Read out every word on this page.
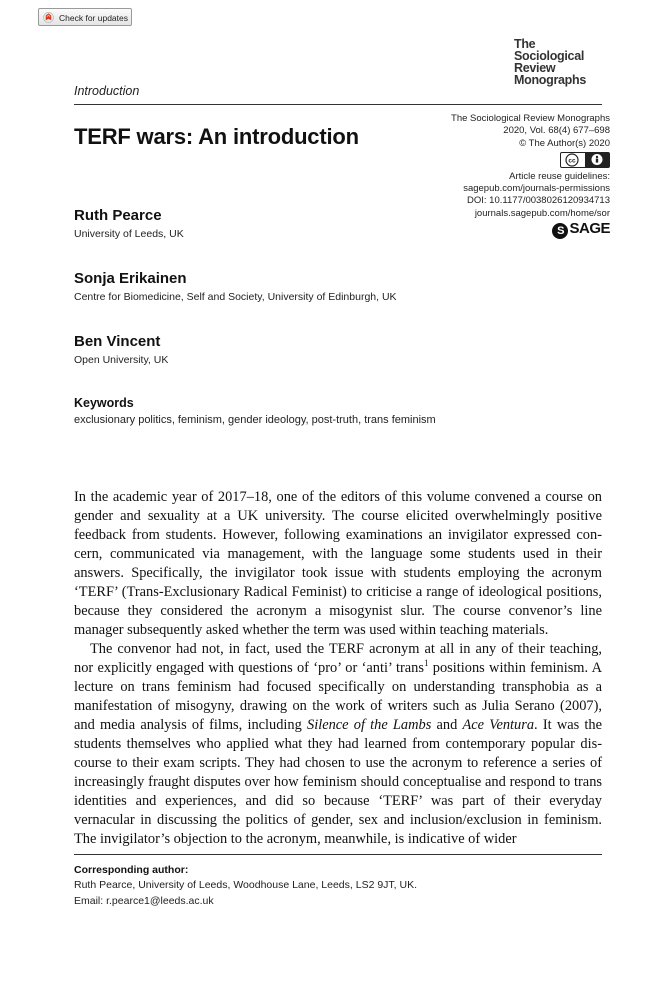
Check for updates
The
Sociological
Review
Monographs
Introduction
TERF wars: An introduction
The Sociological Review Monographs
2020, Vol. 68(4) 677–698
© The Author(s) 2020
cc
Article reuse guidelines:
sagepub.com/journals-permissions
DOI: 10.1177/0038026120934713
journals.sagepub.com/home/sor
S SAGE
Ruth Pearce
University of Leeds, UK
Sonja Erikainen
Centre for Biomedicine, Self and Society, University of Edinburgh, UK
Ben Vincent
Open University, UK
Keywords
exclusionary politics, feminism, gender ideology, post-truth, trans feminism

In the academic year of 2017–18, one of the editors of this volume convened a course on gender and sexuality at a UK university. The course elicited overwhelmingly positive feedback from students. However, following examinations an invigilator expressed concern, communicated via management, with the language some students used in their answers. Specifically, the invigilator took issue with students employing the acronym ‘TERF’ (Trans-Exclusionary Radical Feminist) to criticise a range of ideological positions, because they considered the acronym a misogynist slur. The course convenor’s line manager subsequently asked whether the term was used within teaching materials.

The convenor had not, in fact, used the TERF acronym at all in any of their teaching, nor explicitly engaged with questions of ‘pro’ or ‘anti’ trans$^1$ positions within feminism. A lecture on trans feminism had focused specifically on understanding transphobia as a manifestation of misogyny, drawing on the work of writers such as Julia Serano (2007), and media analysis of films, including Silence of the Lambs and Ace Ventura. It was the students themselves who applied what they had learned from contemporary popular discourse to their exam scripts. They had chosen to use the acronym to reference a series of increasingly fraught disputes over how feminism should conceptualise and respond to trans identities and experiences, and did so because ‘TERF’ was part of their everyday vernacular in discussing the politics of gender, sex and inclusion/exclusion in feminism. The invigilator’s objection to the acronym, meanwhile, is indicative of wider

Corresponding author:
Ruth Pearce, University of Leeds, Woodhouse Lane, Leeds, LS2 9JT, UK.
Email: r.pearce1@leeds.ac.uk
